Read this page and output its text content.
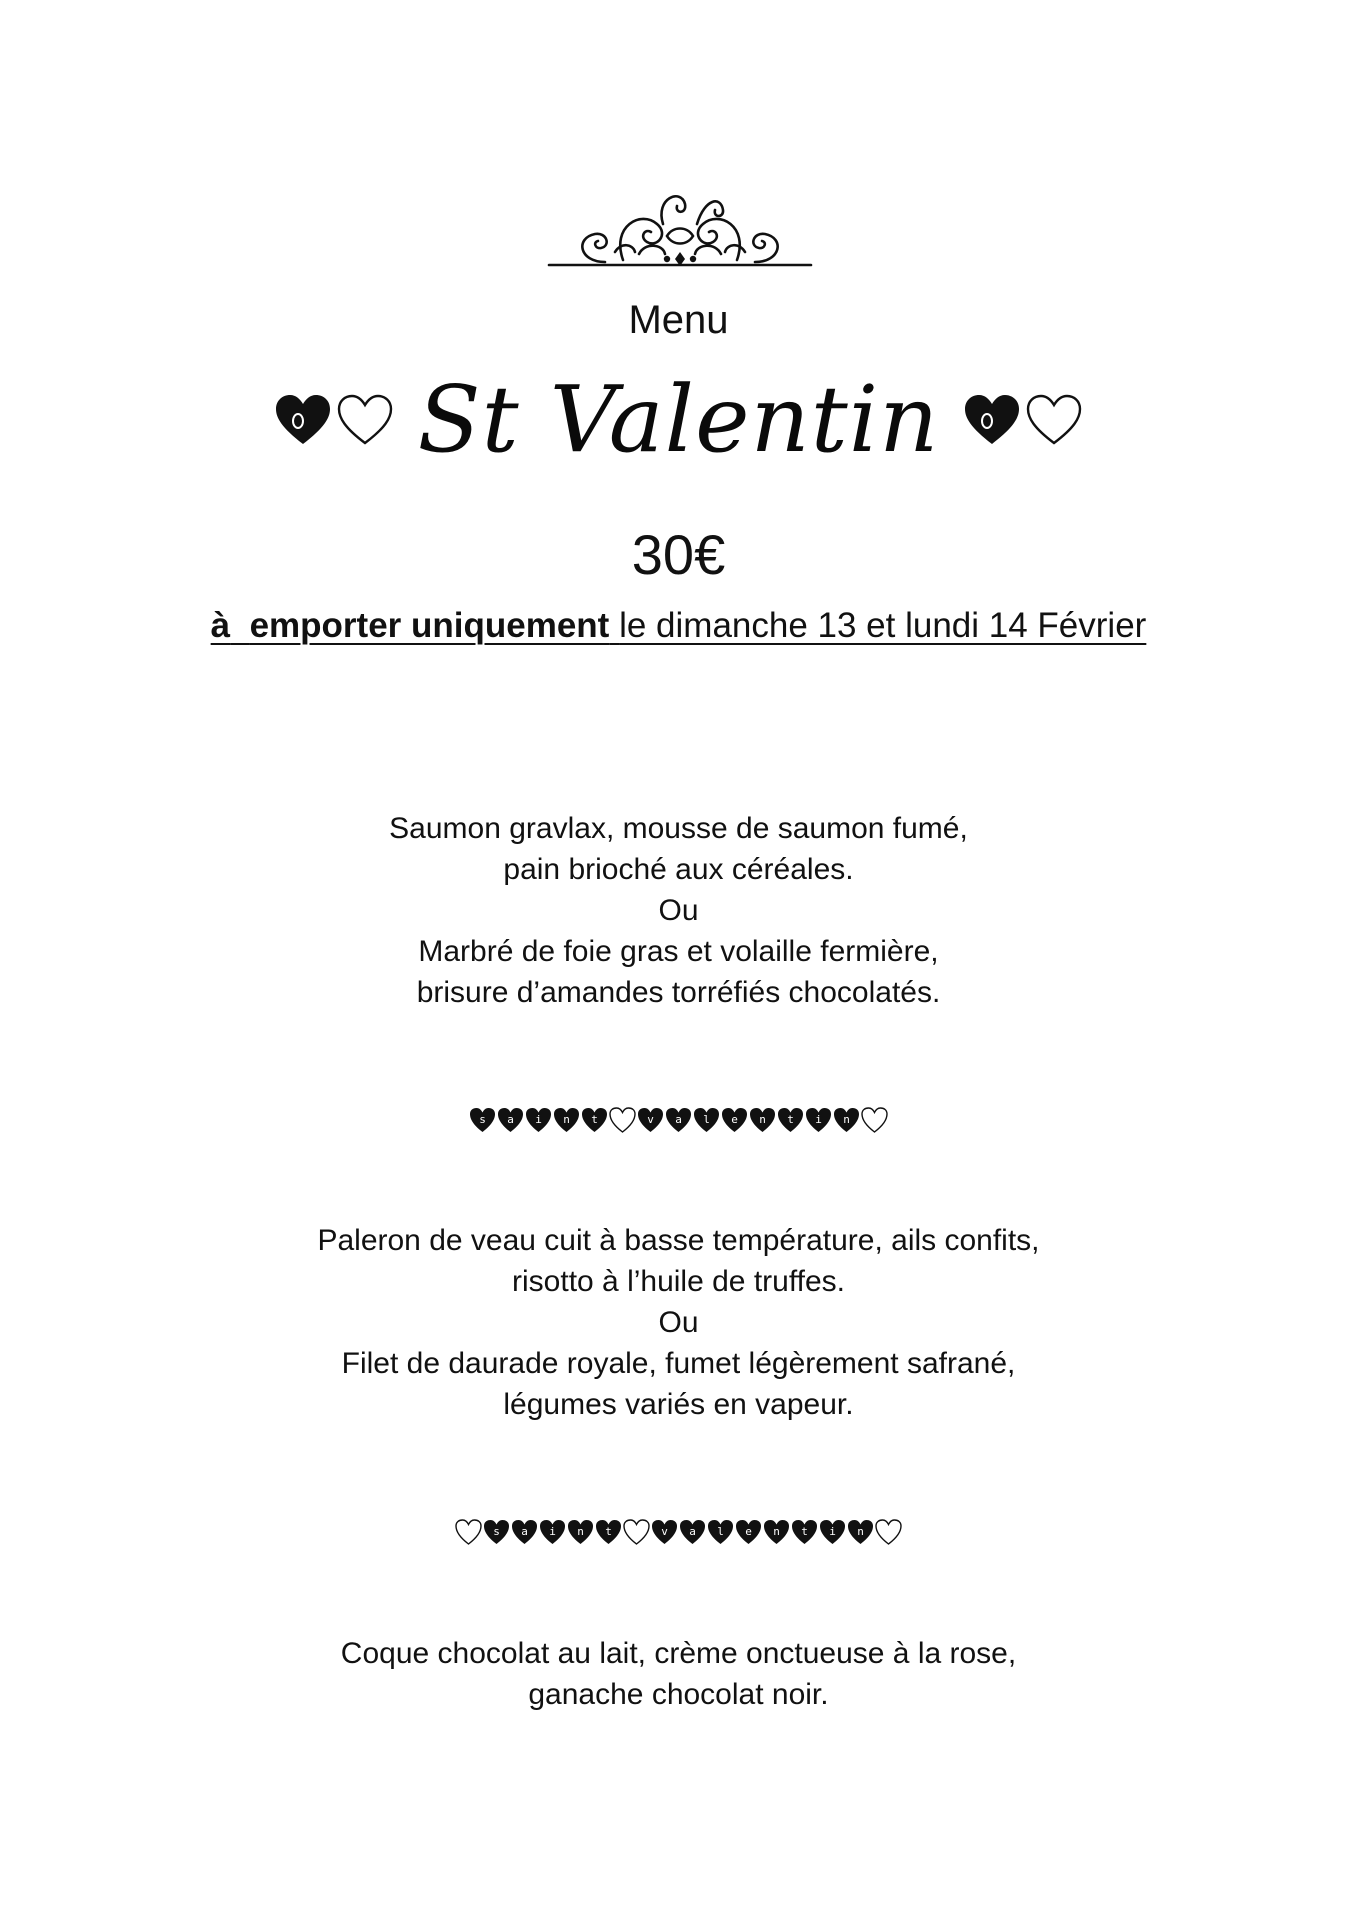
Menu
St Valentin
30€
à emporter uniquement le dimanche 13 et lundi 14 Février
Saumon gravlax, mousse de saumon fumé,
pain brioché aux céréales.
Ou
Marbré de foie gras et volaille fermière,
brisure d’amandes torréfiés chocolatés.
s a i n t	v a l e n t i n
Paleron de veau cuit à basse température, ails confits,
risotto à l’huile de truffes.
Ou
Filet de daurade royale, fumet légèrement safrané,
légumes variés en vapeur.
s a i n t	v a l e n t i n
Coque chocolat au lait, crème onctueuse à la rose,
ganache chocolat noir.
